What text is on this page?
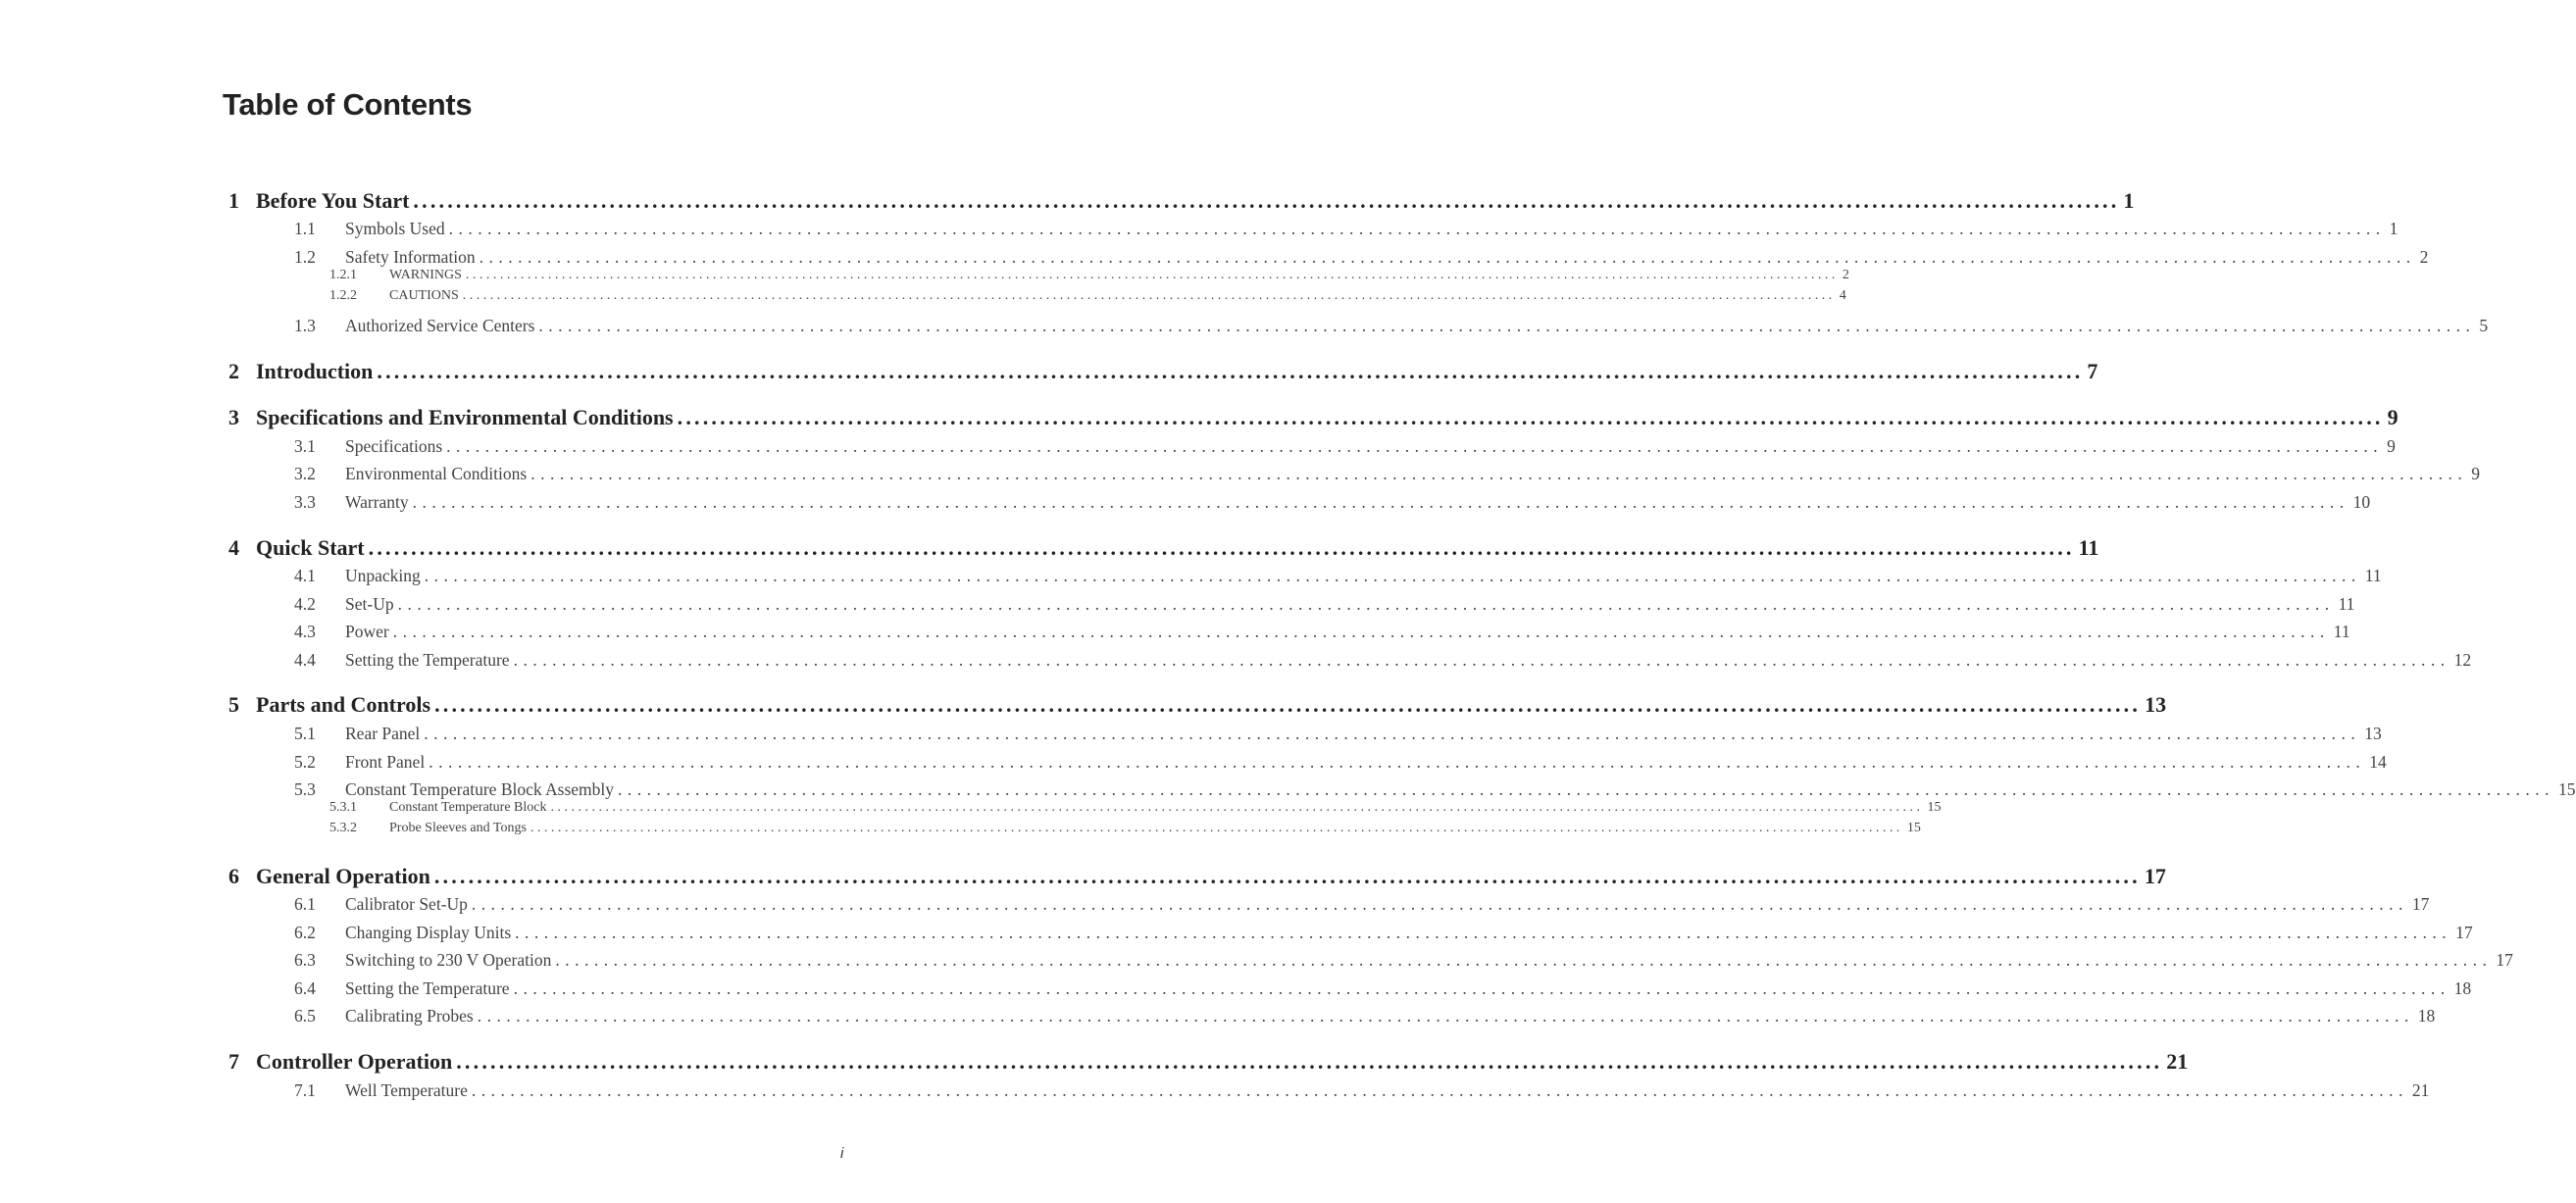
Table of Contents
1 Before You Start ........................................................................................................................................................................................................ 1
1.1	Symbols Used ........................................................................................................................................................................................................ 1
1.2	Safety Information ........................................................................................................................................................................................................ 2
1.2.1	WARNINGS ........................................................................................................................................................................................................ 2
1.2.2	CAUTIONS ........................................................................................................................................................................................................ 4
1.3	Authorized Service Centers ........................................................................................................................................................................................................ 5
2 Introduction ........................................................................................................................................................................................................ 7
3 Specifications and Environmental Conditions ........................................................................................................................................................................................................ 9
3.1	Specifications ........................................................................................................................................................................................................ 9
3.2	Environmental Conditions ........................................................................................................................................................................................................ 9
3.3	Warranty ........................................................................................................................................................................................................ 10
4 Quick Start ........................................................................................................................................................................................................ 11
4.1	Unpacking ........................................................................................................................................................................................................ 11
4.2	Set-Up ........................................................................................................................................................................................................ 11
4.3	Power ........................................................................................................................................................................................................ 11
4.4	Setting the Temperature ........................................................................................................................................................................................................ 12
5 Parts and Controls ........................................................................................................................................................................................................ 13
5.1	Rear Panel ........................................................................................................................................................................................................ 13
5.2	Front Panel ........................................................................................................................................................................................................ 14
5.3	Constant Temperature Block Assembly ........................................................................................................................................................................................................ 15
5.3.1	Constant Temperature Block ........................................................................................................................................................................................................ 15
5.3.2	Probe Sleeves and Tongs ........................................................................................................................................................................................................ 15
6 General Operation ........................................................................................................................................................................................................ 17
6.1	Calibrator Set-Up ........................................................................................................................................................................................................ 17
6.2	Changing Display Units ........................................................................................................................................................................................................ 17
6.3	Switching to 230 V Operation ........................................................................................................................................................................................................ 17
6.4	Setting the Temperature ........................................................................................................................................................................................................ 18
6.5	Calibrating Probes ........................................................................................................................................................................................................ 18
7 Controller Operation ........................................................................................................................................................................................................ 21
7.1	Well Temperature ........................................................................................................................................................................................................ 21
i
